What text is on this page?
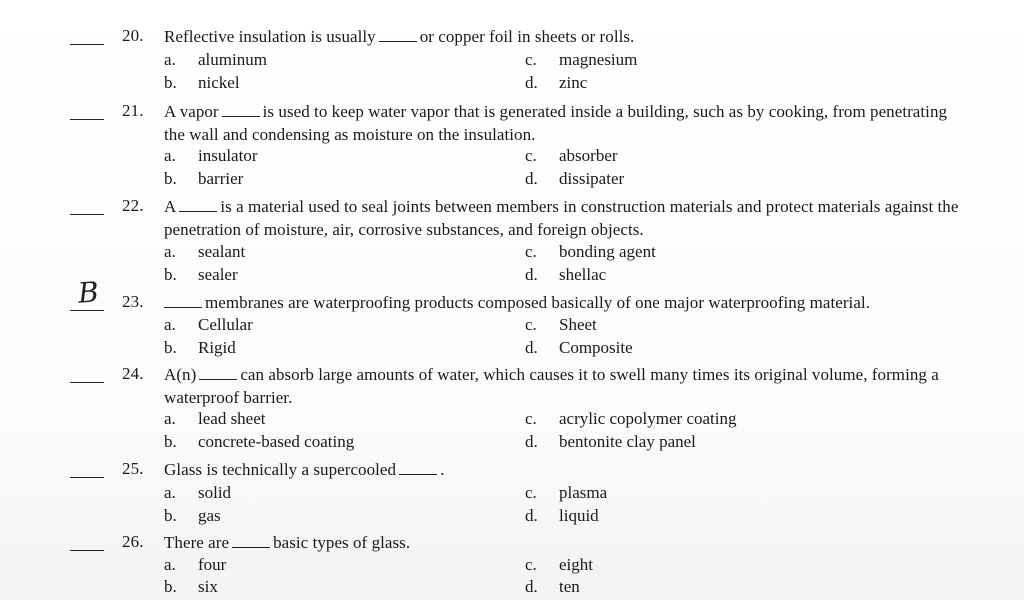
20. Reflective insulation is usually	or copper foil in sheets or rolls.
a. aluminum
b. nickel
c. magnesium
d. zinc
21. A vapor	is used to keep water vapor that is generated inside a building, such as by cooking, from penetrating the wall and condensing as moisture on the insulation.
a. insulator
b. barrier
c. absorber
d. dissipater
22. A	is a material used to seal joints between members in construction materials and protect materials against the penetration of moisture, air, corrosive substances, and foreign objects.
a. sealant
b. sealer
c. bonding agent
d. shellac
B 23.	membranes are waterproofing products composed basically of one major waterproofing material.
a. Cellular
b. Rigid
c. Sheet
d. Composite
24. A(n)	can absorb large amounts of water, which causes it to swell many times its original volume, forming a waterproof barrier.
a. lead sheet
b. concrete-based coating
c. acrylic copolymer coating
d. bentonite clay panel
25. Glass is technically a supercooled	.
a. solid
b. gas
c. plasma
d. liquid
26. There are	basic types of glass.
a. four
b. six
c. eight
d. ten
